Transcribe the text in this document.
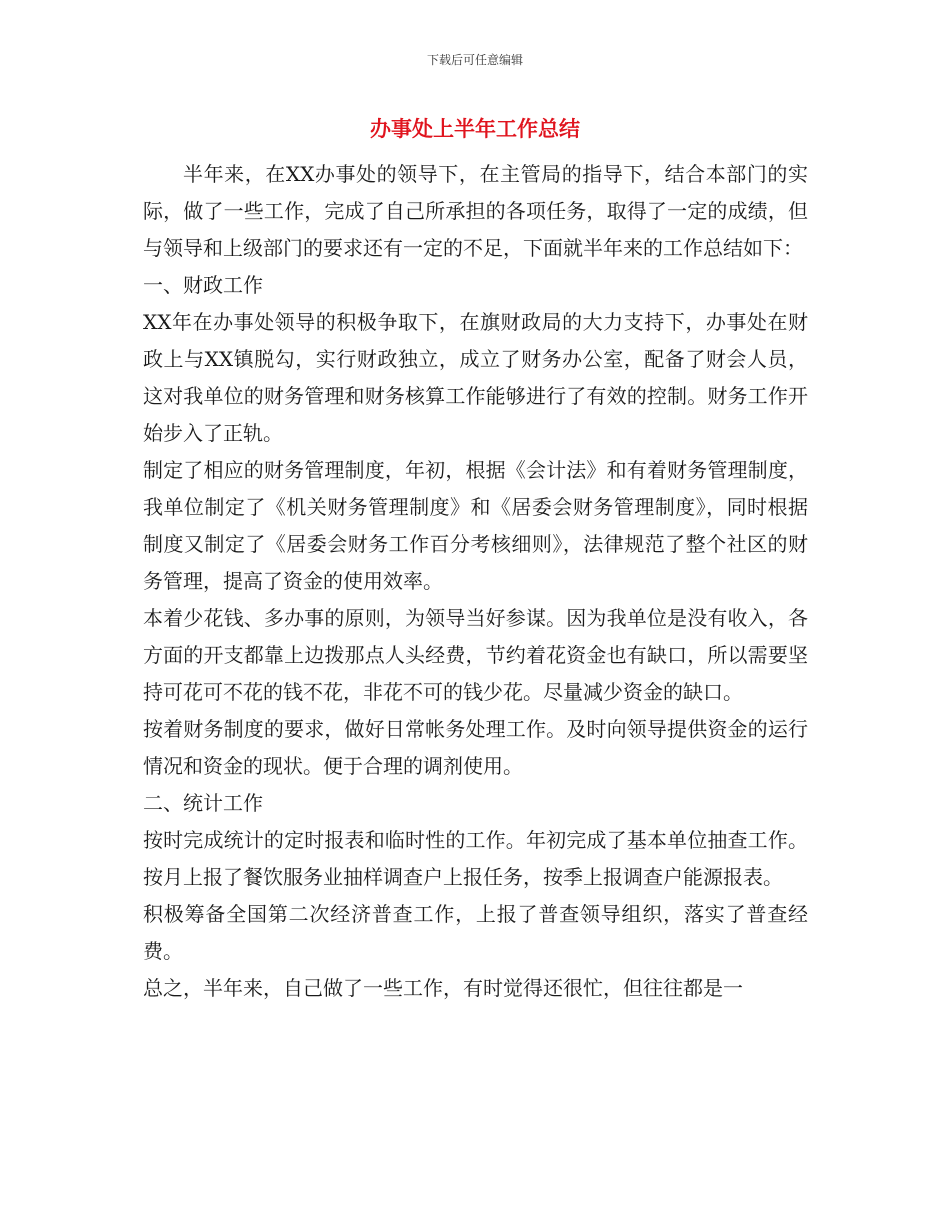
下载后可任意编辑
办事处上半年工作总结

半年来，在XX办事处的领导下，在主管局的指导下，结合本部门的实际，做了一些工作，完成了自己所承担的各项任务，取得了一定的成绩，但与领导和上级部门的要求还有一定的不足，下面就半年来的工作总结如下：

一、财政工作

XX年在办事处领导的积极争取下，在旗财政局的大力支持下，办事处在财政上与XX镇脱勾，实行财政独立，成立了财务办公室，配备了财会人员，这对我单位的财务管理和财务核算工作能够进行了有效的控制。财务工作开始步入了正轨。

制定了相应的财务管理制度，年初，根据《会计法》和有着财务管理制度，我单位制定了《机关财务管理制度》和《居委会财务管理制度》，同时根据制度又制定了《居委会财务工作百分考核细则》，法律规范了整个社区的财务管理，提高了资金的使用效率。

本着少花钱、多办事的原则，为领导当好参谋。因为我单位是没有收入，各方面的开支都靠上边拨那点人头经费，节约着花资金也有缺口，所以需要坚持可花可不花的钱不花，非花不可的钱少花。尽量减少资金的缺口。

按着财务制度的要求，做好日常帐务处理工作。及时向领导提供资金的运行情况和资金的现状。便于合理的调剂使用。

二、统计工作

按时完成统计的定时报表和临时性的工作。年初完成了基本单位抽查工作。按月上报了餐饮服务业抽样调查户上报任务，按季上报调查户能源报表。

积极筹备全国第二次经济普查工作，上报了普查领导组织，落实了普查经费。

总之，半年来，自己做了一些工作，有时觉得还很忙，但往往都是一
